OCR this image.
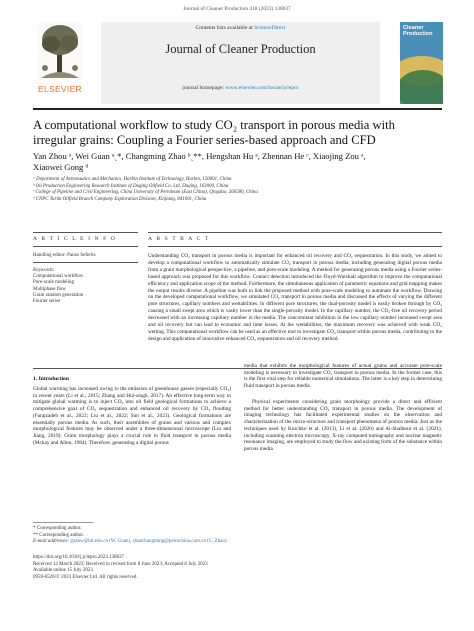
Journal of Cleaner Production 418 (2023) 138037
ELSEVIER
Contents lists available at ScienceDirect
Journal of Cleaner Production
journal homepage: www.elsevier.com/locate/jclepro
Cleaner Production
A computational workflow to study CO₂ transport in porous media with
irregular grains: Coupling a Fourier series-based approach and CFD
Yan Zhou ᵃ, Wei Guan ᵃˎ*, Changming Zhao ᵇˎ**, Hengshan Hu ᵃ, Zhennan He ᶜ, Xiaojing Zou ᵃ,
Xiaowei Gong ᵈ
ᵃ Department of Astronautics and Mechanics, Harbin Institute of Technology, Harbin, 150001, China
ᵇ Oil Production Engineering Research Institute of Daqing Oilfield Co. Ltd, Daqing, 163000, China
ᶜ College of Pipeline and Civil Engineering, China University of Petroleum (East China), Qingdao, 266580, China
ᵈ CNPC Turim Oilfield Branch Company Exploration Division, Xinjiang, 841001, China
A R T I C L E I N F O	A B S T R A C T
Handling editor: Panos Seferlis
Keywords:
Computational workflow
Pore-scale modeling
Multiphase flow
Grain random generation
Fourier series
Understanding CO₂ transport in porous media is important for enhanced oil recovery and CO₂ sequestration. In this study, we aimed to develop a computational workflow to automatically simulate CO₂ transport in porous media, including generating digital porous media from a grain morphological perspective, a pipeline, and pore-scale modeling. A method for generating porous media using a Fourier series-based approach was proposed for this workflow. Contact detection introduced the Floyd-Warshall algorithm to improve the computational efficiency and application scope of the method. Furthermore, the simultaneous application of parametric equations and grid mapping makes the output results diverse. A pipeline was built to link the proposed method with pore-scale modeling to automate the workflow. Drawing on the developed computational workflow, we simulated CO₂ transport in porous media and discussed the effects of varying the different pore structures, capillary numbers and wettabilities. In different pore structures, the dual-porosity model is easily broken through by CO₂ causing a small swept area which is vastly lower than the single-porosity model. In the capillary number, the CO₂-free oil recovery period decreased with an increasing capillary number in the media. The concomitant inhibition in the low capillary number increased swept area and oil recovery but can lead to economic and time losses. At the wettabilities, the maximum recovery was achieved with weak CO₂ wetting. This computational workflow can be used as an effective tool to investigate CO₂ transport within porous media, contributing to the design and application of innovative enhanced CO₂ sequestration and oil recovery method.
1. Introduction
Global warming has increased owing to the emission of greenhouse gasses (especially CO₂) in recent years (Li et al., 2015; Zhang and Hui-singh, 2017). An effective long-term way to mitigate global warming is to inject CO₂ into oil field geological formations to achieve a comprehensive goal of CO₂ sequestration and enhanced oil recovery by CO₂ flooding (Farajzadeh et al., 2022; Liu et al., 2022; Sun et al., 2023). Geological formations are essentially porous media. As such, their assemblies of grains and various and complex morphological features may be observed under a three-dimensional microscope (Liu and Jiang, 2019). Grain morphology plays a crucial role in fluid transport in porous media (Mckay and Allen, 1984). Therefore, generating a digital porous
media that exhibits the morphological features of actual grains and accurate pore-scale modeling is necessary to investigate CO₂ transport in porous media. In the former case, this is the first vital step for reliable numerical simulations. The latter is a key step in determining fluid transport in porous media.
Physical experiments considering grain morphology provide a direct and efficient method for better understanding CO₂ transport in porous media. The development of imaging technology has facilitated experimental studies on the observation and characterization of the micro-structure and transport phenomena of porous media. Just as the techniques used by Kurchko et al. (2013), Li et al. (2020) and Al-Shalbout et al. (2021), including scanning electron microscopy, X-ray computed tomography and nuclear magnetic resonance imaging, are employed to study the flow and existing form of the substance within porous media.
* Corresponding author.
** Corresponding author.
E-mail addresses: guanw@hit.edu.cn (W. Guan), zhaochangming@petrochina.com.cn (C. Zhao).
https://doi.org/10.1016/j.jclepro.2023.138037
Received 12 March 2023; Received in revised form 8 June 2023; Accepted 8 July 2023
Available online 15 July 2023
0959-6526/© 2023 Elsevier Ltd. All rights reserved.
